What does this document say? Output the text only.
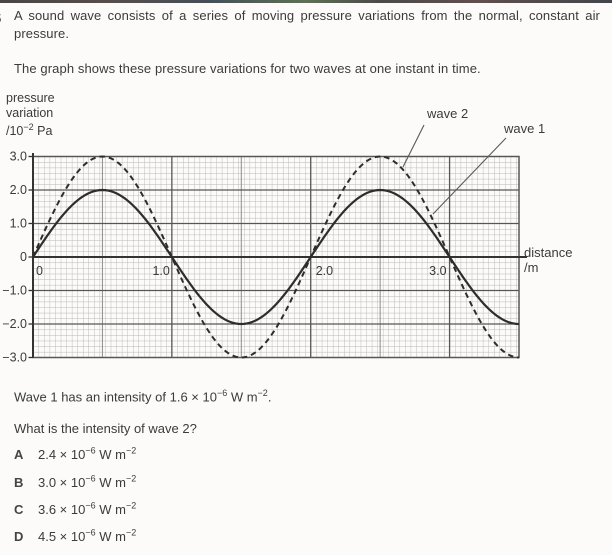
A sound wave consists of a series of moving pressure variations from the normal, constant air
pressure.
The graph shows these pressure variations for two waves at one instant in time.
pressure
variation
$/10^{-2}$ Pa
3.0
2.0
1.0
0
−1.0
−2.0
−3.0
0	1.0	2.0	3.0
wave 2
wave 1
distance
/m
Wave 1 has an intensity of $1.6 \times 10^{-6}$ W $m^{-2}$.
What is the intensity of wave 2?
A $2.4 \times 10^{-6}$ W $m^{-2}$
B $3.0 \times 10^{-6}$ W $m^{-2}$
C $3.6 \times 10^{-6}$ W $m^{-2}$
D $4.5 \times 10^{-6}$ W $m^{-2}$
